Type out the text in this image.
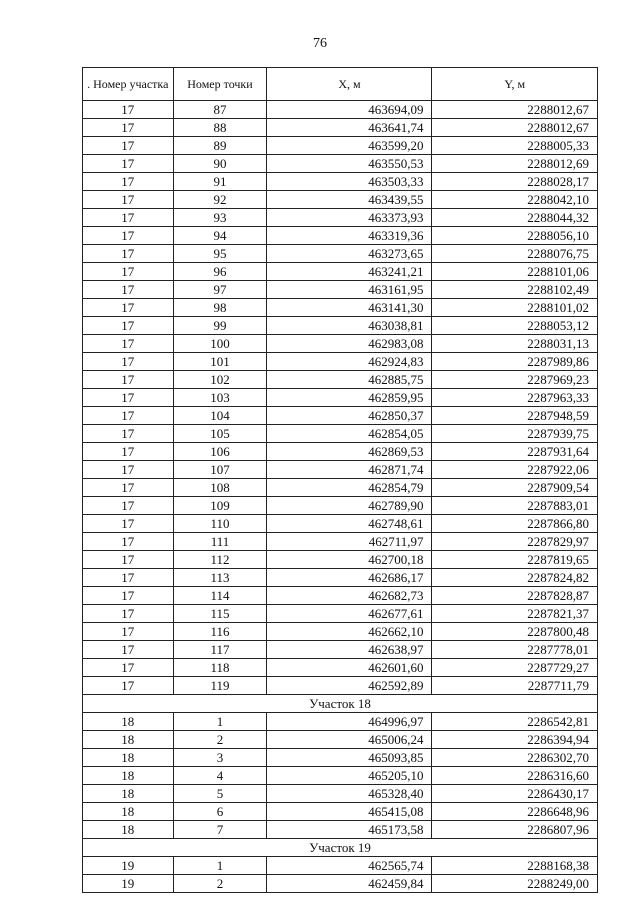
76
. Номер участка	Номер точки	X, м	Y, м
17	87	463694,09	2288012,67
17	88	463641,74	2288012,67
17	89	463599,20	2288005,33
17	90	463550,53	2288012,69
17	91	463503,33	2288028,17
17	92	463439,55	2288042,10
17	93	463373,93	2288044,32
17	94	463319,36	2288056,10
17	95	463273,65	2288076,75
17	96	463241,21	2288101,06
17	97	463161,95	2288102,49
17	98	463141,30	2288101,02
17	99	463038,81	2288053,12
17	100	462983,08	2288031,13
17	101	462924,83	2287989,86
17	102	462885,75	2287969,23
17	103	462859,95	2287963,33
17	104	462850,37	2287948,59
17	105	462854,05	2287939,75
17	106	462869,53	2287931,64
17	107	462871,74	2287922,06
17	108	462854,79	2287909,54
17	109	462789,90	2287883,01
17	110	462748,61	2287866,80
17	111	462711,97	2287829,97
17	112	462700,18	2287819,65
17	113	462686,17	2287824,82
17	114	462682,73	2287828,87
17	115	462677,61	2287821,37
17	116	462662,10	2287800,48
17	117	462638,97	2287778,01
17	118	462601,60	2287729,27
17	119	462592,89	2287711,79
Участок 18			
18	1	464996,97	2286542,81
18	2	465006,24	2286394,94
18	3	465093,85	2286302,70
18	4	465205,10	2286316,60
18	5	465328,40	2286430,17
18	6	465415,08	2286648,96
18	7	465173,58	2286807,96
Участок 19			
19	1	462565,74	2288168,38
19	2	462459,84	2288249,00
